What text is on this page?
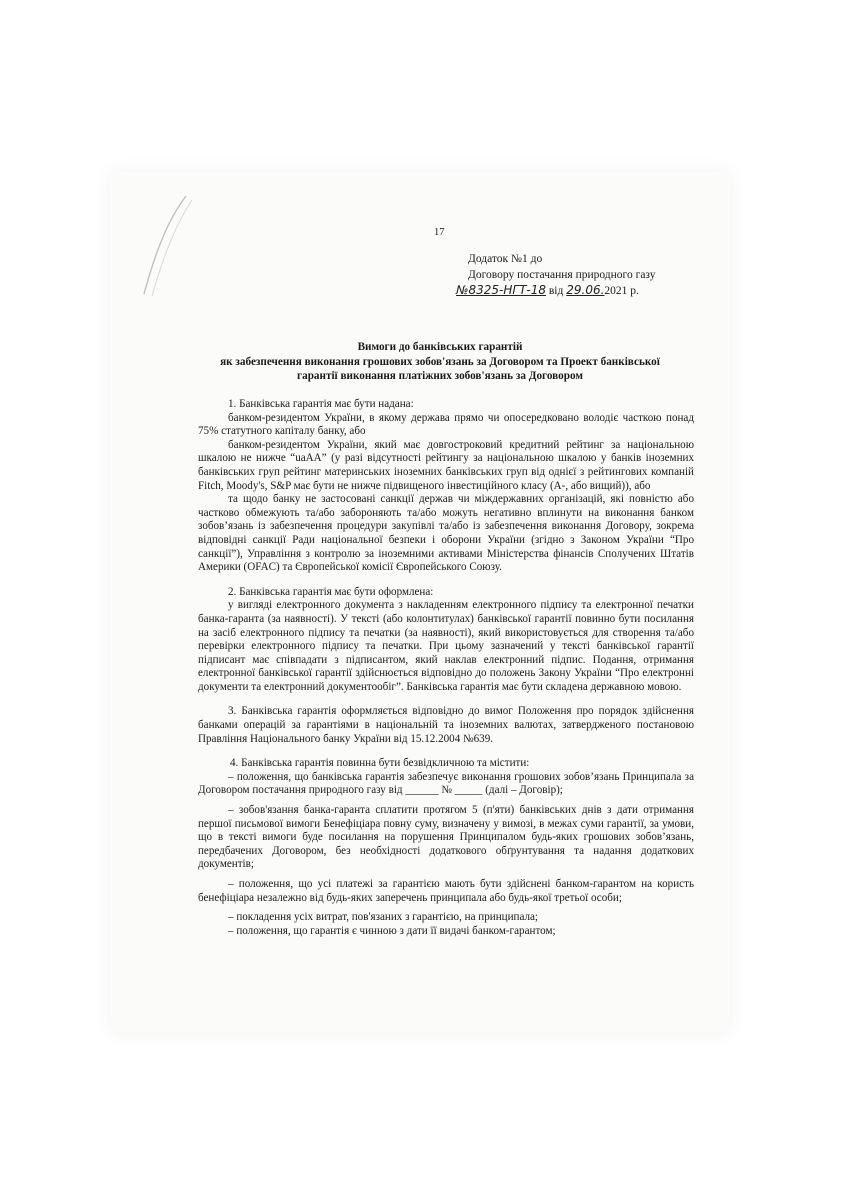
17
Додаток №1 до
Договору постачання природного газу
№8325-НГТ-18 від 29.06.2021 р.
Вимоги до банківських гарантій
як забезпечення виконання грошових зобов'язань за Договором та Проект банківської
гарантії виконання платіжних зобов'язань за Договором

1. Банківська гарантія має бути надана:

банком-резидентом України, в якому держава прямо чи опосередковано володіє часткою понад 75% статутного капіталу банку, або

банком-резидентом України, який має довгостроковий кредитний рейтинг за національною шкалою не нижче “uaAA” (у разі відсутності рейтингу за національною шкалою у банків іноземних банківських груп рейтинг материнських іноземних банківських груп від однієї з рейтингових компаній Fitch, Moody's, S&P має бути не нижче підвищеного інвестиційного класу (А-, або вищий)), або

та щодо банку не застосовані санкції держав чи міждержавних організацій, які повністю або частково обмежують та/або забороняють та/або можуть негативно вплинути на виконання банком зобов’язань із забезпечення процедури закупівлі та/або із забезпечення виконання Договору, зокрема відповідні санкції Ради національної безпеки і оборони України (згідно з Законом України “Про санкції”), Управління з контролю за іноземними активами Міністерства фінансів Сполучених Штатів Америки (OFAC) та Європейської комісії Європейського Союзу.

2. Банківська гарантія має бути оформлена:

у вигляді електронного документа з накладенням електронного підпису та електронної печатки банка-гаранта (за наявності). У тексті (або колонтитулах) банківської гарантії повинно бути посилання на засіб електронного підпису та печатки (за наявності), який використовується для створення та/або перевірки електронного підпису та печатки. При цьому зазначений у тексті банківської гарантії підписант має співпадати з підписантом, який наклав електронний підпис. Подання, отримання електронної банківської гарантії здійснюється відповідно до положень Закону України “Про електронні документи та електронний документообіг”. Банківська гарантія має бути складена державною мовою.

3. Банківська гарантія оформляється відповідно до вимог Положення про порядок здійснення банками операцій за гарантіями в національній та іноземних валютах, затвердженого постановою Правління Національного банку України від 15.12.2004 №639.

4. Банківська гарантія повинна бути безвідкличною та містити:

– положення, що банківська гарантія забезпечує виконання грошових зобов’язань Принципала за Договором постачання природного газу від ______ № _____ (далі – Договір);

– зобов'язання банка-гаранта сплатити протягом 5 (п'яти) банківських днів з дати отримання першої письмової вимоги Бенефіціара повну суму, визначену у вимозі, в межах суми гарантії, за умови, що в тексті вимоги буде посилання на порушення Принципалом будь-яких грошових зобов’язань, передбачених Договором, без необхідності додаткового обґрунтування та надання додаткових документів;

– положення, що усі платежі за гарантією мають бути здійснені банком-гарантом на користь бенефіціара незалежно від будь-яких заперечень принципала або будь-якої третьої особи;

– покладення усіх витрат, пов'язаних з гарантією, на принципала;

– положення, що гарантія є чинною з дати її видачі банком-гарантом;
